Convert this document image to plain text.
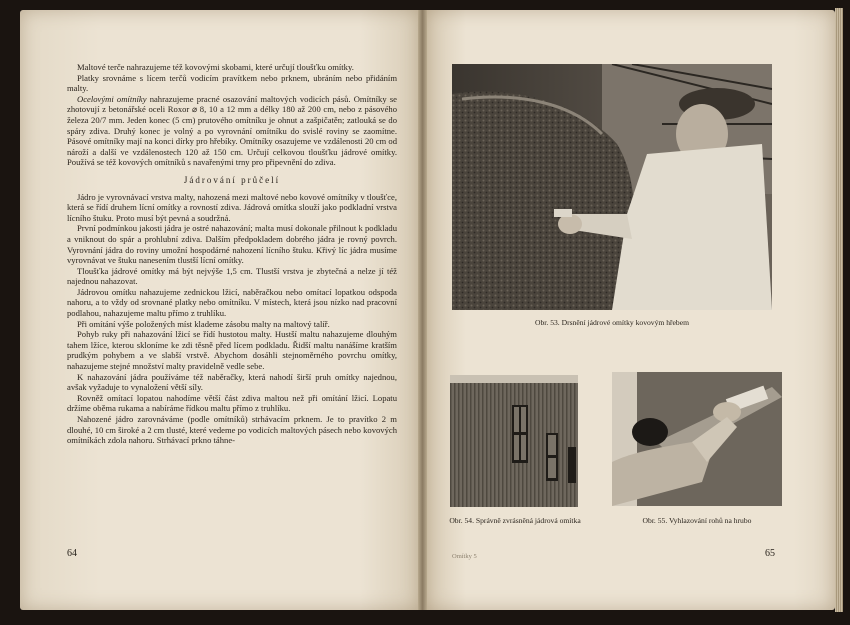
Maltové terče nahrazujeme též kovovými skobami, které určují tloušťku omítky.

Platky srovnáme s lícem terčů vodicím pravítkem nebo prknem, ubráním nebo přidáním malty.

Ocelovými omítníky nahrazujeme pracné osazování maltových vodicích pásů. Omítníky se zhotovují z betonářské oceli Roxor ⌀ 8, 10 a 12 mm a délky 180 až 200 cm, nebo z pásového železa 20/7 mm. Jeden konec (5 cm) prutového omítníku je ohnut a zašpičatěn; zatlouká se do spáry zdiva. Druhý konec je volný a po vyrovnání omítníku do svislé roviny se zaomítne. Pásové omítníky mají na konci dírky pro hřebíky. Omítníky osazujeme ve vzdálenosti 20 cm od nároží a další ve vzdálenostech 120 až 150 cm. Určují celkovou tloušťku jádrové omítky. Používá se též kovových omítníků s navařenými trny pro připevnění do zdiva.

Jádrování průčelí

Jádro je vyrovnávací vrstva malty, nahozená mezi maltové nebo kovové omítníky v tloušťce, která se řídí druhem lícní omítky a rovností zdiva. Jádrová omítka slouží jako podkladní vrstva lícního štuku. Proto musí být pevná a soudržná.

První podmínkou jakosti jádra je ostré nahazování; malta musí dokonale přilnout k podkladu a vniknout do spár a prohlubní zdiva. Dalším předpokladem dobrého jádra je rovný povrch. Vyrovnání jádra do roviny umožní hospodárné nahození lícního štuku. Křivý líc jádra musíme vyrovnávat ve štuku nanesením tlustší lícní omítky.

Tloušťka jádrové omítky má být nejvýše 1,5 cm. Tlustší vrstva je zbytečná a nelze jí též najednou nahazovat.

Jádrovou omítku nahazujeme zednickou lžicí, naběračkou nebo omítací lopatkou odspoda nahoru, a to vždy od srovnané platky nebo omítníku. V místech, která jsou nízko nad pracovní podlahou, nahazujeme maltu přímo z truhlíku.

Při omítání výše položených míst klademe zásobu malty na maltový talíř.

Pohyb ruky při nahazování lžicí se řídí hustotou malty. Hustší maltu nahazujeme dlouhým tahem lžíce, kterou skloníme ke zdi těsně před lícem podkladu. Řidší maltu nanášíme kratším prudkým pohybem a ve slabší vrstvě. Abychom dosáhli stejnoměrného povrchu omítky, nahazujeme stejné množství malty pravidelně vedle sebe.

K nahazování jádra používáme též naběračky, která nahodí širší pruh omítky najednou, avšak vyžaduje to vynaložení větší síly.

Rovněž omítací lopatou nahodíme větší část zdiva maltou než při omítání lžicí. Lopatu držíme oběma rukama a nabíráme řídkou maltu přímo z truhlíku.

Nahozené jádro zarovnáváme (podle omítníků) strhávacím prknem. Je to pravítko 2 m dlouhé, 10 cm široké a 2 cm tlusté, které vedeme po vodicích maltových pásech nebo kovových omítníkách zdola nahoru. Strhávací prkno táhne-

64
Obr. 53. Drsnění jádrové omítky kovovým hřebem
Obr. 54. Správně zvrásněná jádrová omítka	Obr. 55. Vyhlazování rohů na hrubo
Omítky 5	65
